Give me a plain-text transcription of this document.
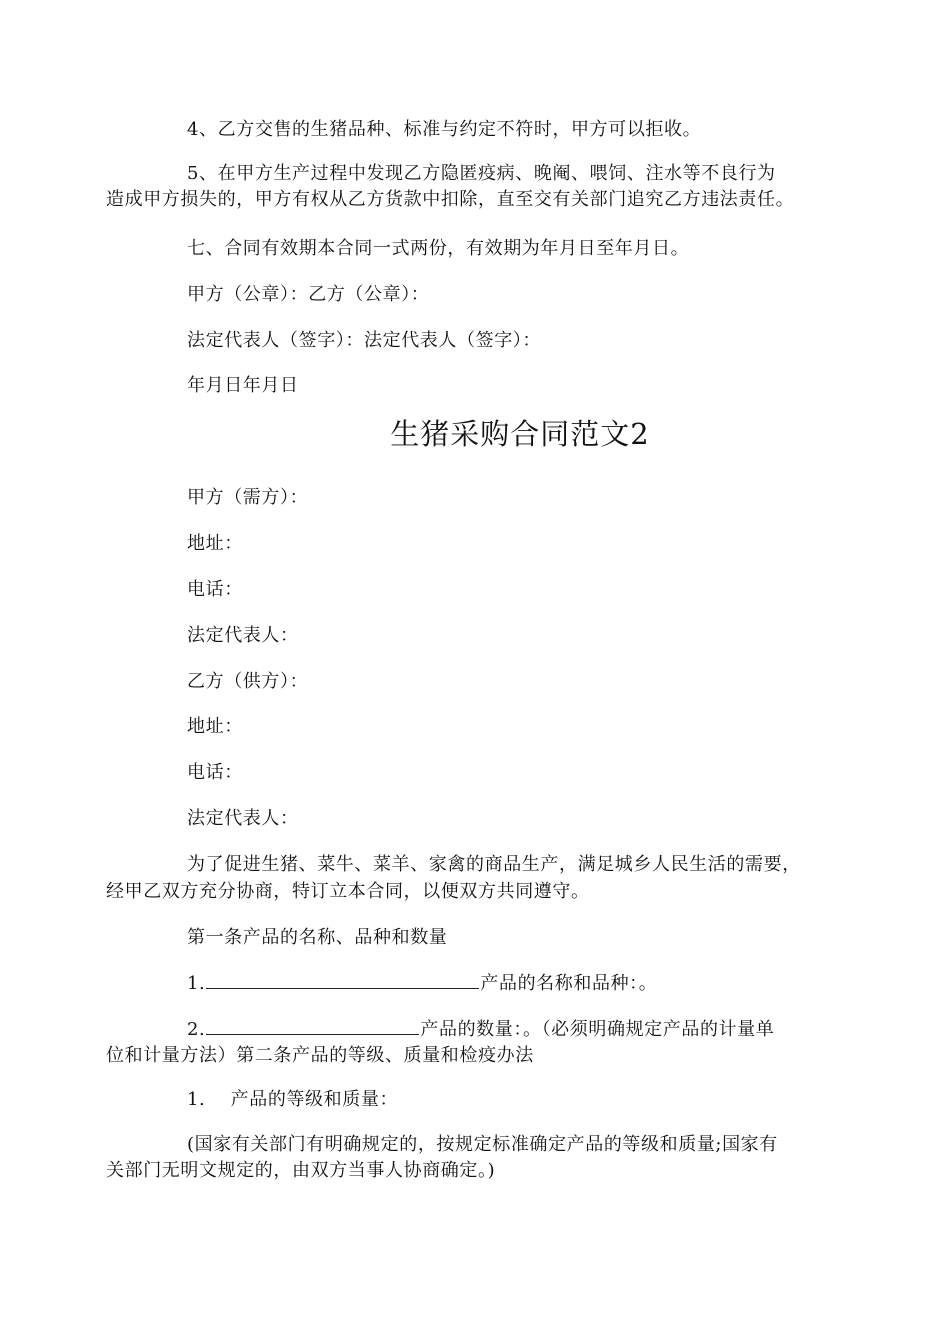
4、乙方交售的生猪品种、标准与约定不符时，甲方可以拒收。
5、在甲方生产过程中发现乙方隐匿疫病、晚阉、喂饲、注水等不良行为
造成甲方损失的，甲方有权从乙方货款中扣除，直至交有关部门追究乙方违法责任。
七、合同有效期本合同一式两份，有效期为年月日至年月日。
甲方（公章）：乙方（公章）：
法定代表人（签字）：法定代表人（签字）：
年月日年月日
生猪采购合同范文2
甲方（需方）：
地址：
电话：
法定代表人：
乙方（供方）：
地址：
电话：
法定代表人：
为了促进生猪、菜牛、菜羊、家禽的商品生产，满足城乡人民生活的需要，
经甲乙双方充分协商，特订立本合同，以便双方共同遵守。
第一条产品的名称、品种和数量
1.	产品的名称和品种：。
2.	产品的数量：。（必须明确规定产品的计量单
位和计量方法）第二条产品的等级、质量和检疫办法
1.    产品的等级和质量：
(国家有关部门有明确规定的，按规定标准确定产品的等级和质量;国家有
关部门无明文规定的，由双方当事人协商确定。)
